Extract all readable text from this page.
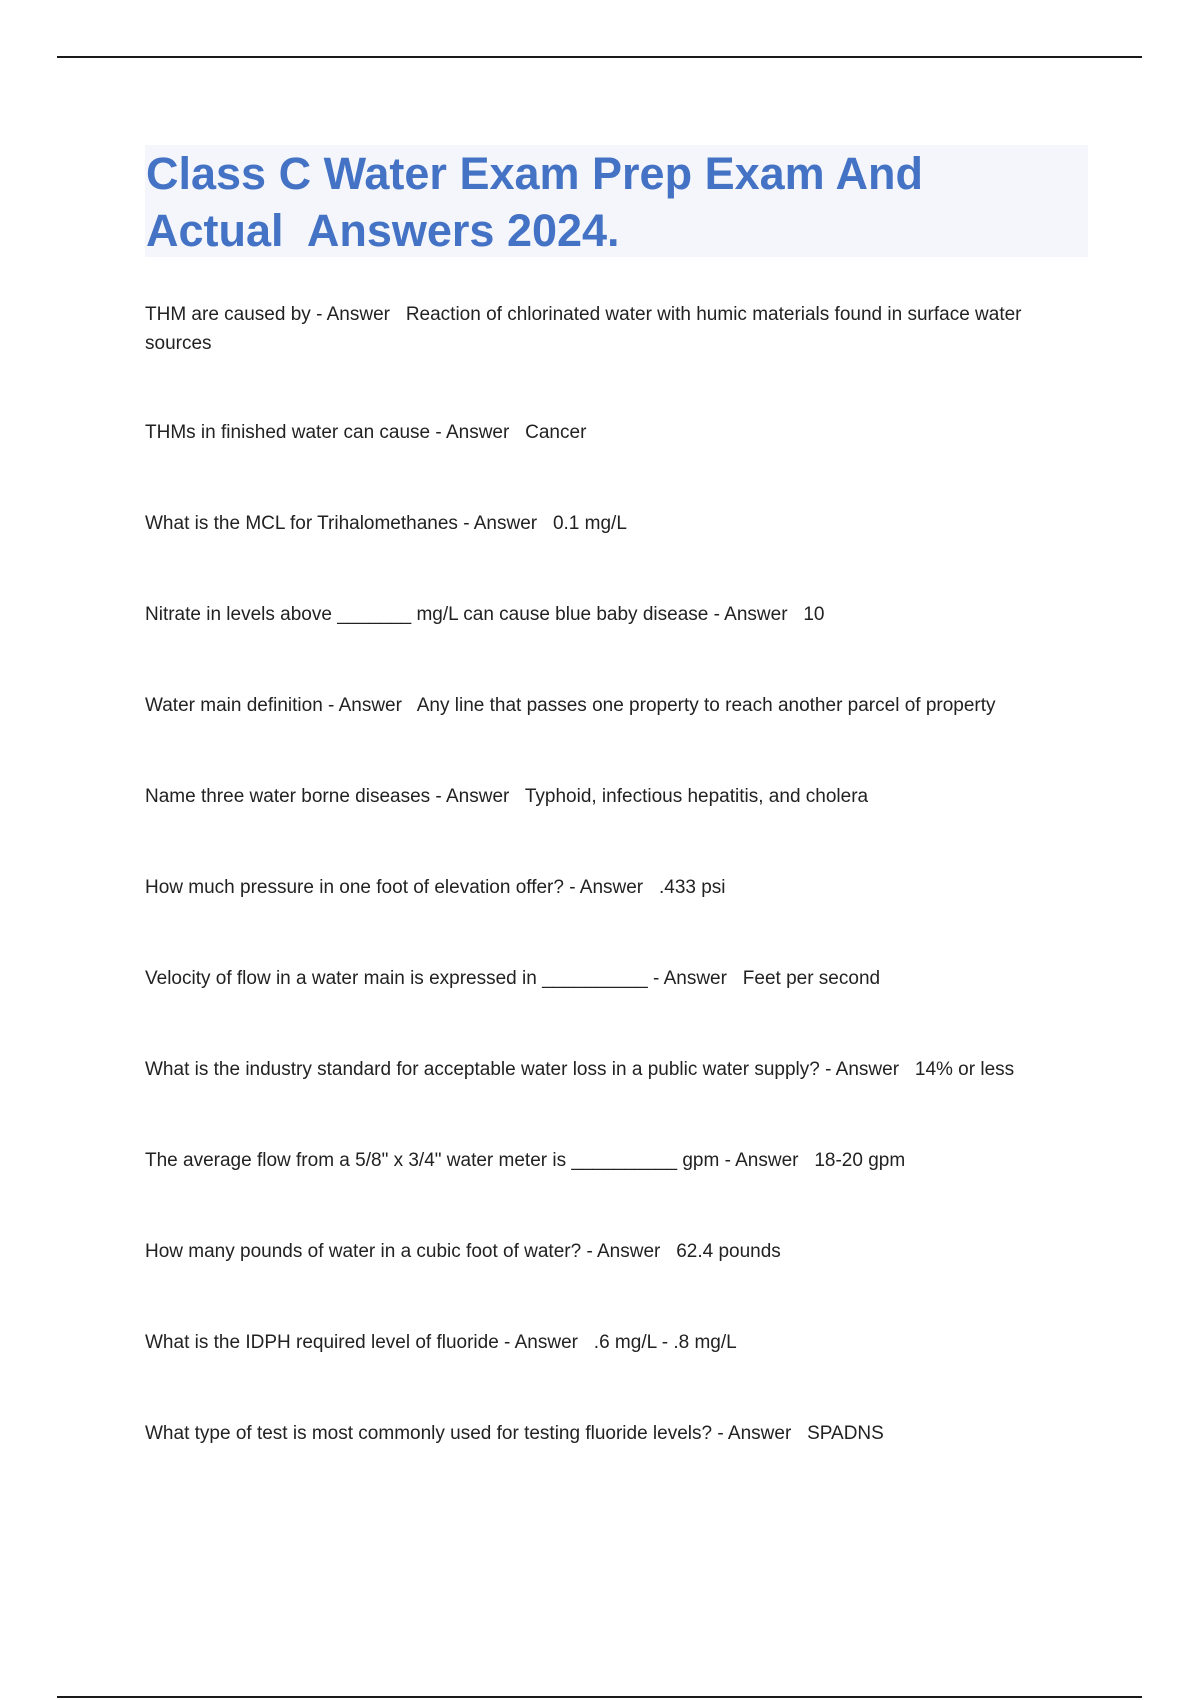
Class C Water Exam Prep Exam And
Actual  Answers 2024.
THM are caused by - Answer   Reaction of chlorinated water with humic materials found in surface water sources
THMs in finished water can cause - Answer   Cancer
What is the MCL for Trihalomethanes - Answer   0.1 mg/L
Nitrate in levels above _______ mg/L can cause blue baby disease - Answer   10
Water main definition - Answer   Any line that passes one property to reach another parcel of property
Name three water borne diseases - Answer   Typhoid, infectious hepatitis, and cholera
How much pressure in one foot of elevation offer? - Answer   .433 psi
Velocity of flow in a water main is expressed in __________ - Answer   Feet per second
What is the industry standard for acceptable water loss in a public water supply? - Answer   14% or less
The average flow from a 5/8" x 3/4" water meter is __________ gpm - Answer   18-20 gpm
How many pounds of water in a cubic foot of water? - Answer   62.4 pounds
What is the IDPH required level of fluoride - Answer   .6 mg/L - .8 mg/L
What type of test is most commonly used for testing fluoride levels? - Answer   SPADNS
